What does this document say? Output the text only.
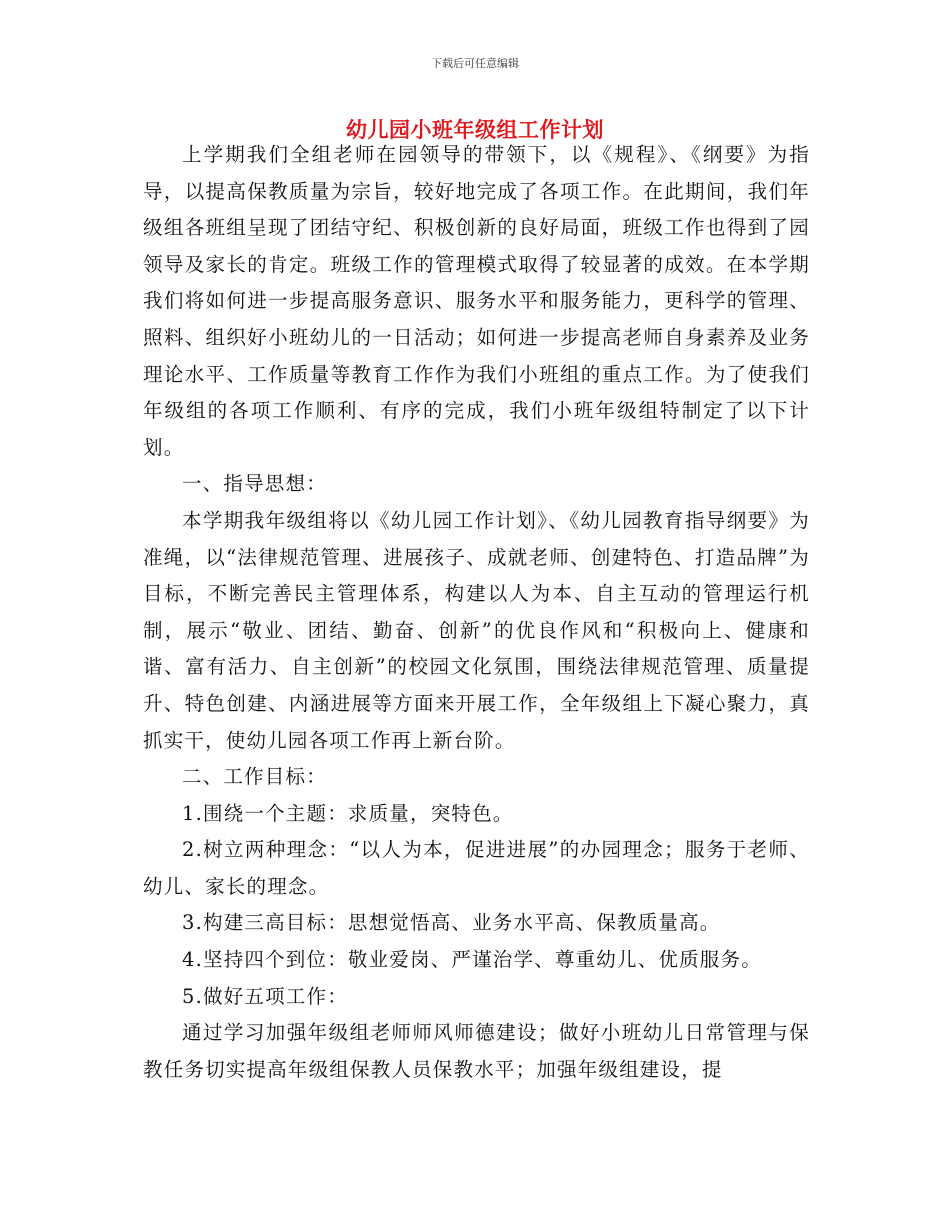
下载后可任意编辑
幼儿园小班年级组工作计划

上学期我们全组老师在园领导的带领下，以《规程》、《纲要》为指导，以提高保教质量为宗旨，较好地完成了各项工作。在此期间，我们年级组各班组呈现了团结守纪、积极创新的良好局面，班级工作也得到了园领导及家长的肯定。班级工作的管理模式取得了较显著的成效。在本学期我们将如何进一步提高服务意识、服务水平和服务能力，更科学的管理、照料、组织好小班幼儿的一日活动；如何进一步提高老师自身素养及业务理论水平、工作质量等教育工作作为我们小班组的重点工作。为了使我们年级组的各项工作顺利、有序的完成，我们小班年级组特制定了以下计划。

一、指导思想：

本学期我年级组将以《幼儿园工作计划》、《幼儿园教育指导纲要》为准绳，以“法律规范管理、进展孩子、成就老师、创建特色、打造品牌”为目标，不断完善民主管理体系，构建以人为本、自主互动的管理运行机制，展示“敬业、团结、勤奋、创新”的优良作风和“积极向上、健康和谐、富有活力、自主创新”的校园文化氛围，围绕法律规范管理、质量提升、特色创建、内涵进展等方面来开展工作，全年级组上下凝心聚力，真抓实干，使幼儿园各项工作再上新台阶。

二、工作目标：

1.围绕一个主题：求质量，突特色。

2.树立两种理念：“以人为本，促进进展”的办园理念；服务于老师、幼儿、家长的理念。

3.构建三高目标：思想觉悟高、业务水平高、保教质量高。

4.坚持四个到位：敬业爱岗、严谨治学、尊重幼儿、优质服务。

5.做好五项工作：

通过学习加强年级组老师师风师德建设；做好小班幼儿日常管理与保教任务切实提高年级组保教人员保教水平；加强年级组建设，提
